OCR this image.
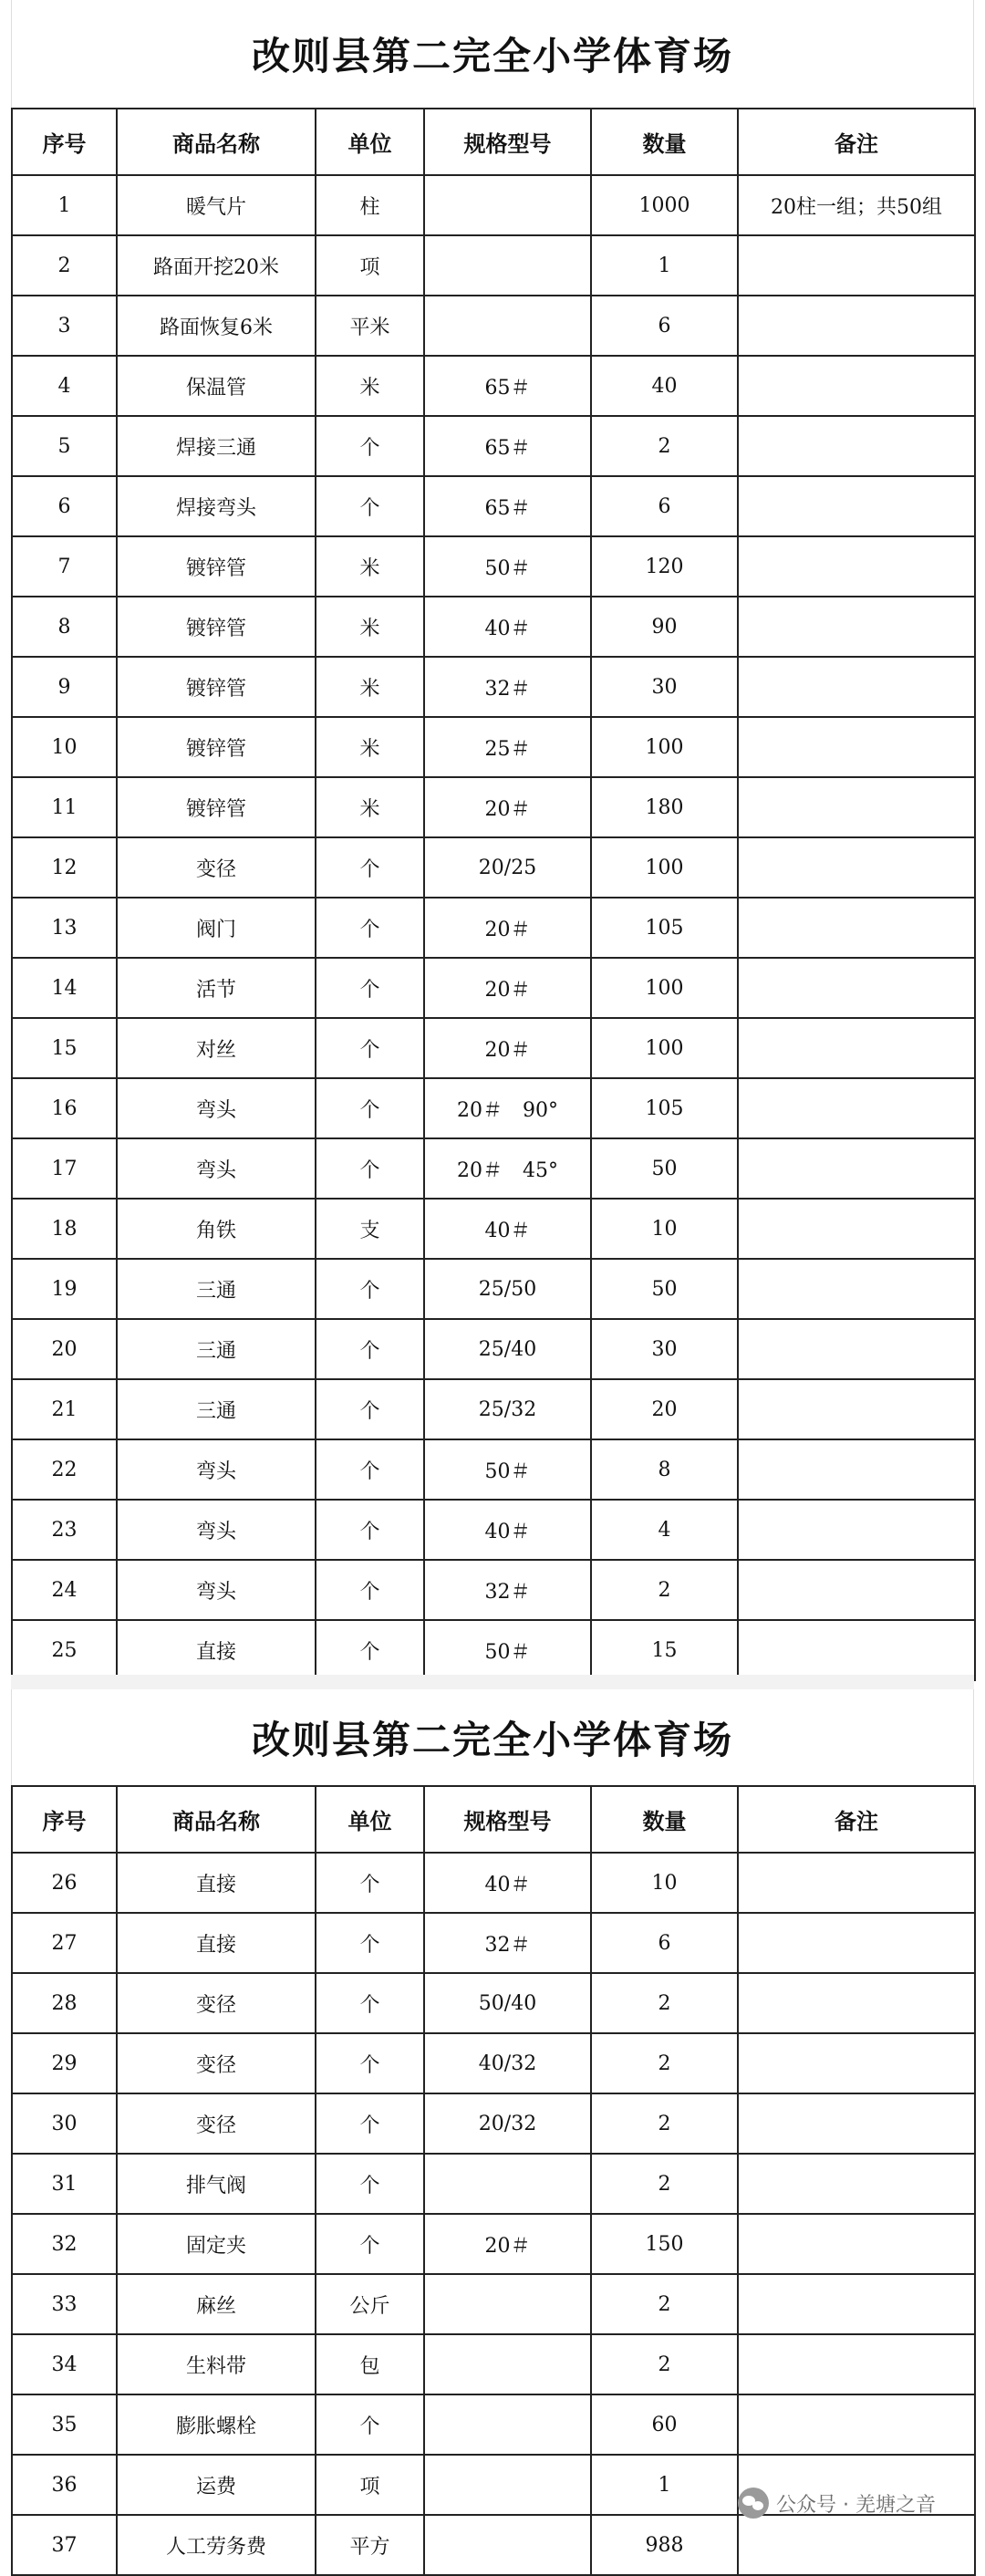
改则县第二完全小学体育场
序号	商品名称	单位	规格型号	数量	备注
1	暖气片	柱		1000	20柱一组；共50组
2	路面开挖20米	项		1	
3	路面恢复6米	平米		6	
4	保温管	米	65＃	40	
5	焊接三通	个	65＃	2	
6	焊接弯头	个	65＃	6	
7	镀锌管	米	50＃	120	
8	镀锌管	米	40＃	90	
9	镀锌管	米	32＃	30	
10	镀锌管	米	25＃	100	
11	镀锌管	米	20＃	180	
12	变径	个	20/25	100	
13	阀门	个	20＃	105	
14	活节	个	20＃	100	
15	对丝	个	20＃	100	
16	弯头	个	20＃　90°	105	
17	弯头	个	20＃　45°	50	
18	角铁	支	40＃	10	
19	三通	个	25/50	50	
20	三通	个	25/40	30	
21	三通	个	25/32	20	
22	弯头	个	50＃	8	
23	弯头	个	40＃	4	
24	弯头	个	32＃	2	
25	直接	个	50＃	15	
改则县第二完全小学体育场
序号	商品名称	单位	规格型号	数量	备注
26	直接	个	40＃	10	
27	直接	个	32＃	6	
28	变径	个	50/40	2	
29	变径	个	40/32	2	
30	变径	个	20/32	2	
31	排气阀	个		2	
32	固定夹	个	20＃	150	
33	麻丝	公斤		2	
34	生料带	包		2	
35	膨胀螺栓	个		60	
36	运费	项		1	
37	人工劳务费	平方		988	
公众号 · 羌塘之音
